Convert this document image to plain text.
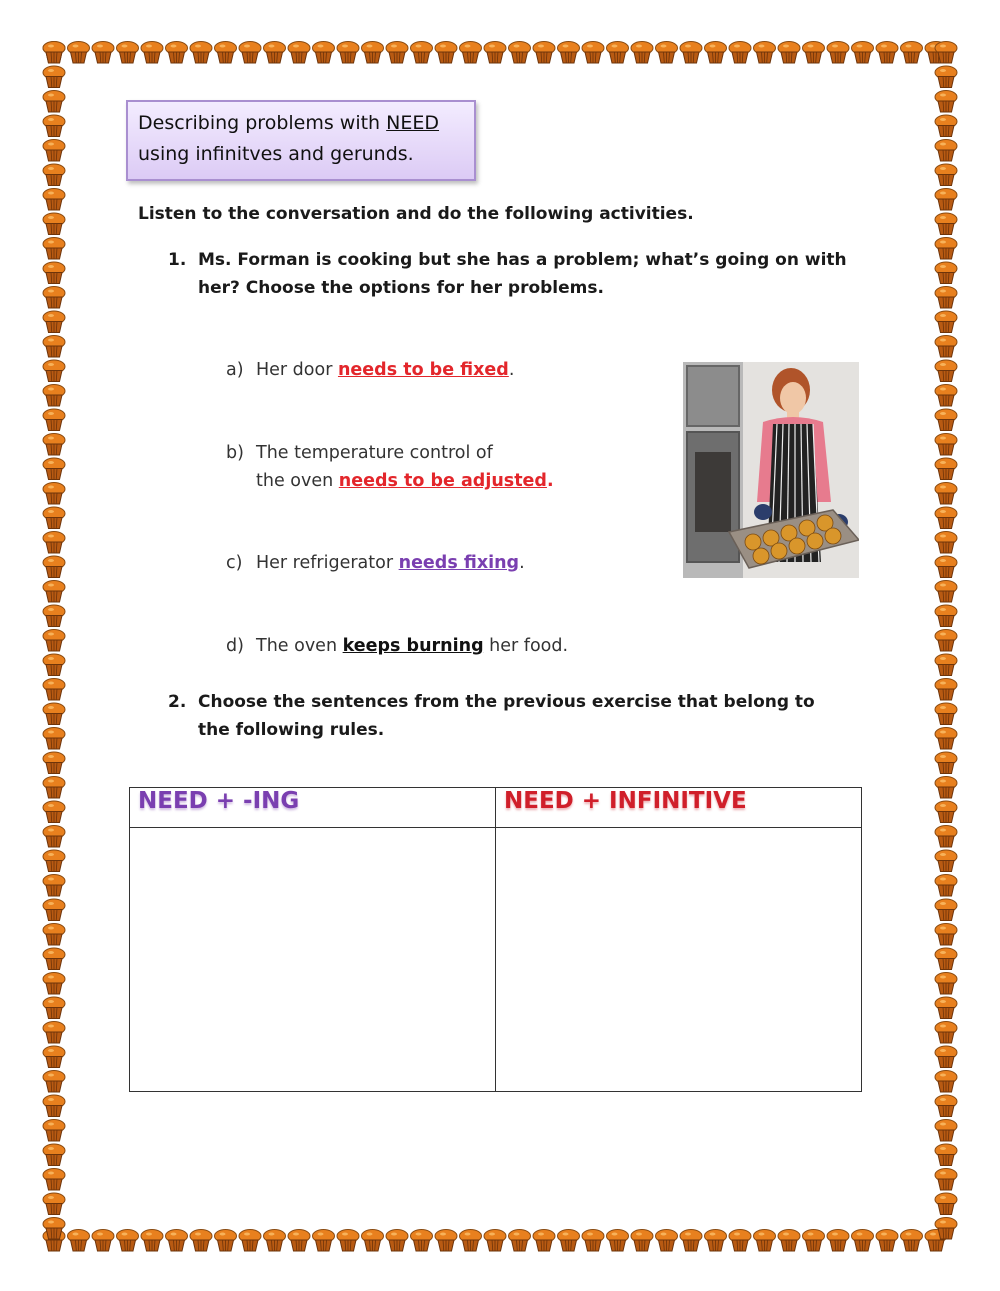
Describing problems with NEED
using infinitves and gerunds.
Listen to the conversation and do the following activities.
1. Ms. Forman is cooking but she has a problem; what’s going on with her? Choose the options for her problems.
a) Her door needs to be fixed.
b) The temperature control of
the oven needs to be adjusted.
c) Her refrigerator needs fixing.
d) The oven keeps burning her food.
2. Choose the sentences from the previous exercise that belong to the following rules.
NEED + -ING	NEED + INFINITIVE
